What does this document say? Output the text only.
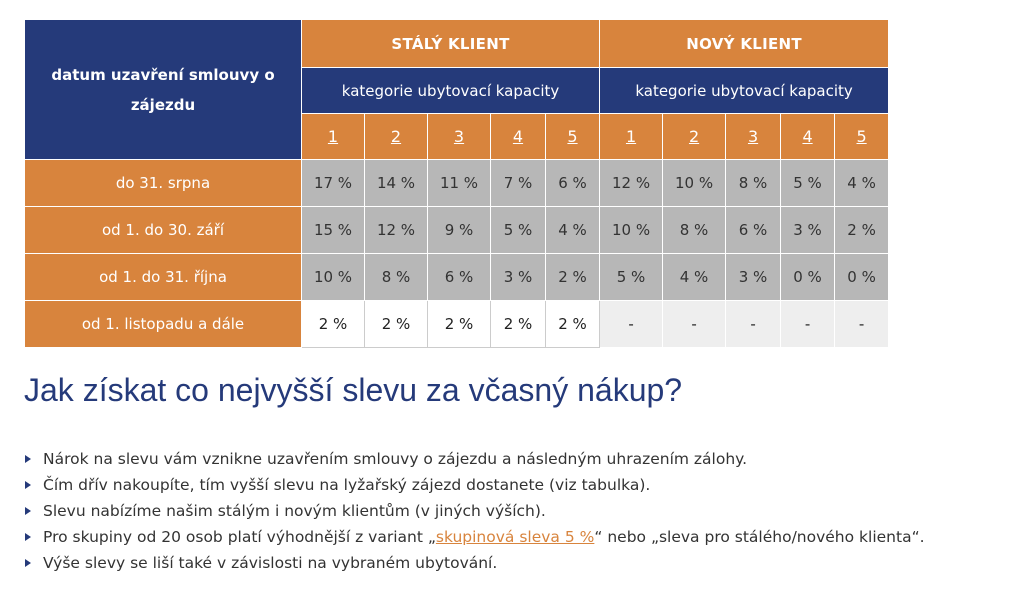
datum uzavření smlouvy o zájezdu	STÁLÝ KLIENT					NOVÝ KLIENT				
	kategorie ubytovací kapacity					kategorie ubytovací kapacity				
	1	2	3	4	5	1	2	3	4	5
do 31. srpna	17 %	14 %	11 %	7 %	6 %	12 %	10 %	8 %	5 %	4 %
od 1. do 30. září	15 %	12 %	9 %	5 %	4 %	10 %	8 %	6 %	3 %	2 %
od 1. do 31. října	10 %	8 %	6 %	3 %	2 %	5 %	4 %	3 %	0 %	0 %
od 1. listopadu a dále	2 %	2 %	2 %	2 %	2 %	-	-	-	-	-
Jak získat co nejvyšší slevu za včasný nákup?
Nárok na slevu vám vznikne uzavřením smlouvy o zájezdu a následným uhrazením zálohy.
Čím dřív nakoupíte, tím vyšší slevu na lyžařský zájezd dostanete (viz tabulka).
Slevu nabízíme našim stálým i novým klientům (v jiných výších).
Pro skupiny od 20 osob platí výhodnější z variant „skupinová sleva 5 %“ nebo „sleva pro stálého/nového klienta“.
Výše slevy se liší také v závislosti na vybraném ubytování.
